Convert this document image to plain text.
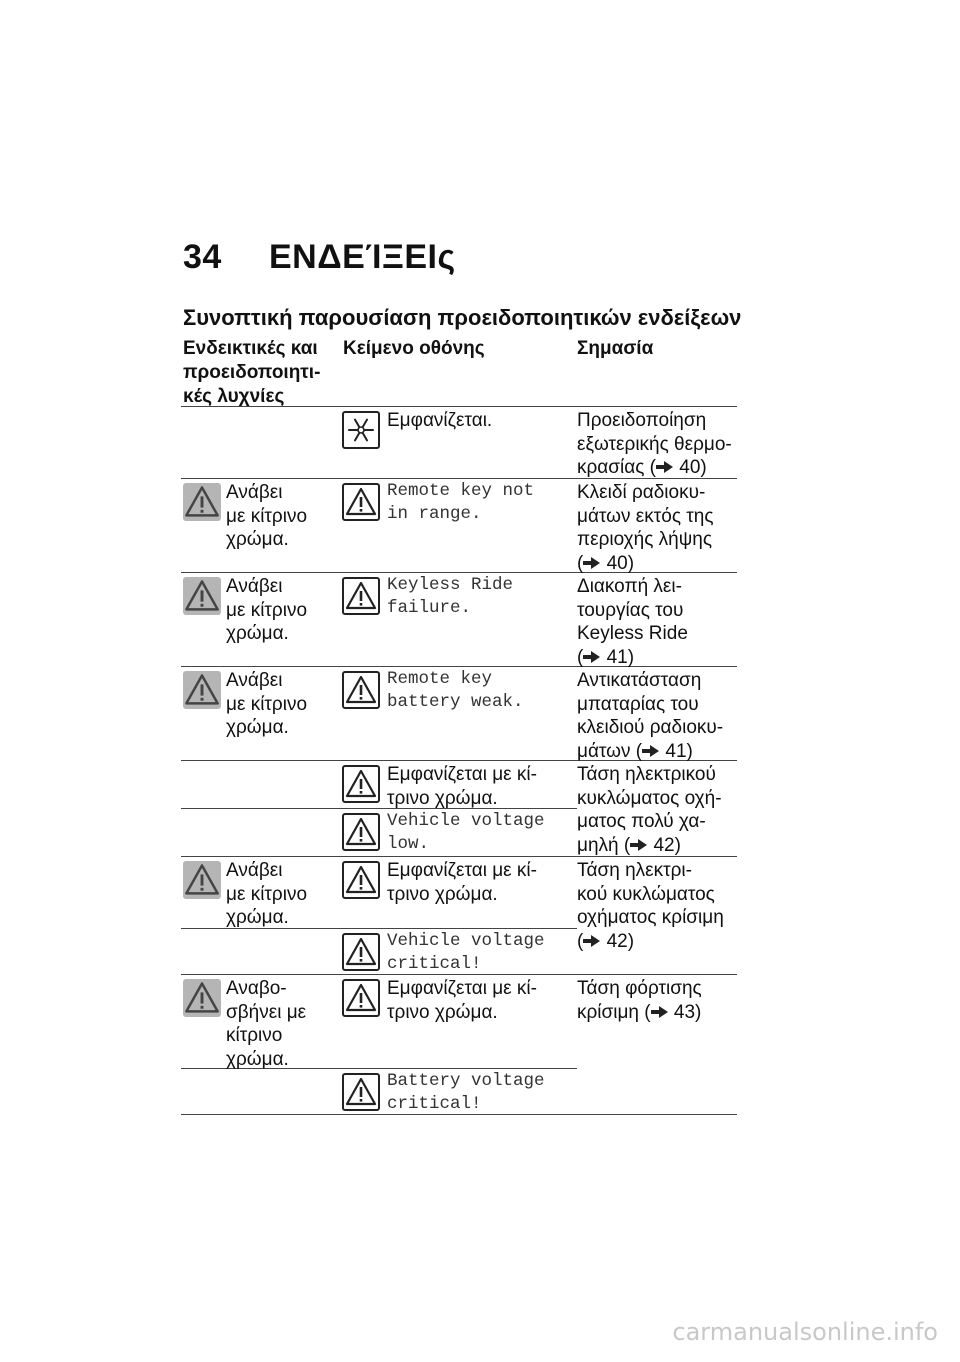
34 ΕΝΔΕΊΞΕΙς
Συνοπτική παρουσίαση προειδοποιητικών ενδείξεων
Ενδεικτικές και
προειδοποιητι-
κές λυχνίες
Κείμενο οθόνης	Σημασία
Εμφανίζεται.	Προειδοποίηση
εξωτερικής θερμο-
κρασίας ( 40)
Ανάβει
με κίτρινο
χρώμα.
Remote key not
in range.
Κλειδί ραδιοκυ-
μάτων εκτός της
περιοχής λήψης
( 40)
Ανάβει
με κίτρινο
χρώμα.
Keyless Ride
failure.
Διακοπή λει-
τουργίας του
Keyless Ride
( 41)
Ανάβει
με κίτρινο
χρώμα.
Remote key
battery weak.
Αντικατάσταση
μπαταρίας του
κλειδιού ραδιοκυ-
μάτων ( 41)
Εμφανίζεται με κί-
τρινο χρώμα.
Τάση ηλεκτρικού
κυκλώματος οχή-
ματος πολύ χα-
μηλή ( 42)
Vehicle voltage
low.
Ανάβει
με κίτρινο
χρώμα.
Εμφανίζεται με κί-
τρινο χρώμα.
Τάση ηλεκτρι-
κού κυκλώματος
οχήματος κρίσιμη
( 42)
Vehicle voltage
critical!
Αναβο-
σβήνει με
κίτρινο
χρώμα.
Εμφανίζεται με κί-
τρινο χρώμα.
Τάση φόρτισης
κρίσιμη ( 43)
Battery voltage
critical!
carmanualsonline.info
